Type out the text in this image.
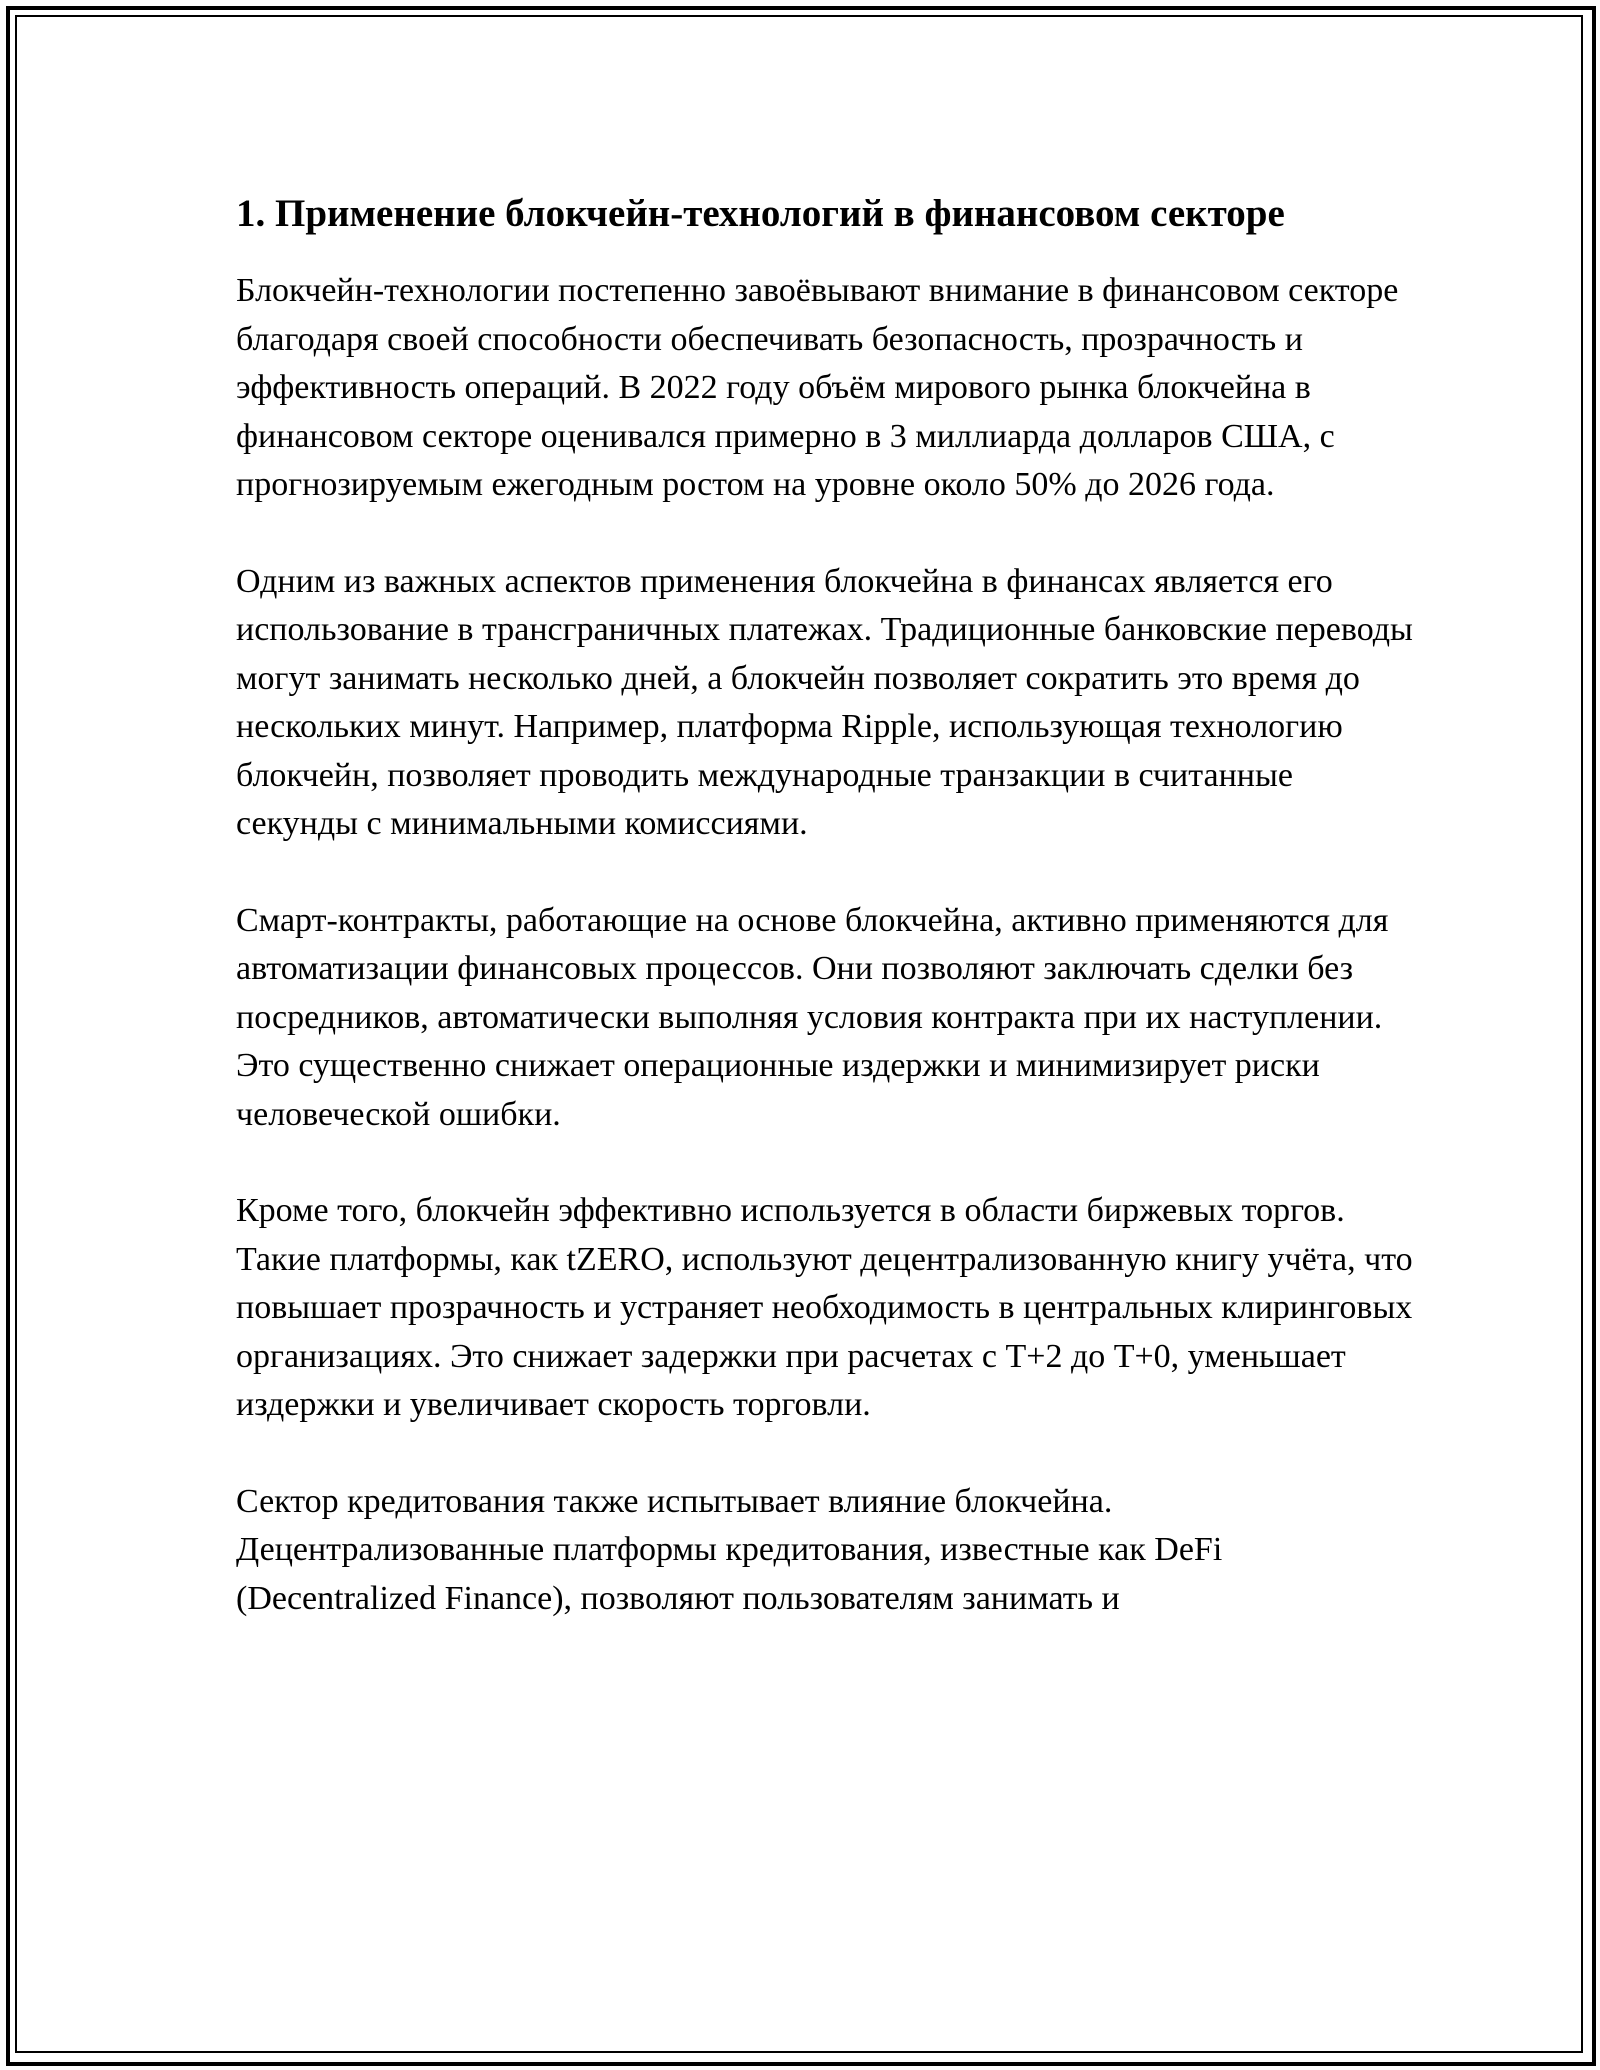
1. Применение блокчейн-технологий в финансовом секторе

Блокчейн-технологии постепенно завоёвывают внимание в финансовом секторе благодаря своей способности обеспечивать безопасность, прозрачность и эффективность операций. В 2022 году объём мирового рынка блокчейна в финансовом секторе оценивался примерно в 3 миллиарда долларов США, с прогнозируемым ежегодным ростом на уровне около 50% до 2026 года.

Одним из важных аспектов применения блокчейна в финансах является его использование в трансграничных платежах. Традиционные банковские переводы могут занимать несколько дней, а блокчейн позволяет сократить это время до нескольких минут. Например, платформа Ripple, использующая технологию блокчейн, позволяет проводить международные транзакции в считанные секунды с минимальными комиссиями.

Смарт-контракты, работающие на основе блокчейна, активно применяются для автоматизации финансовых процессов. Они позволяют заключать сделки без посредников, автоматически выполняя условия контракта при их наступлении. Это существенно снижает операционные издержки и минимизирует риски человеческой ошибки.

Кроме того, блокчейн эффективно используется в области биржевых торгов. Такие платформы, как tZERO, используют децентрализованную книгу учёта, что повышает прозрачность и устраняет необходимость в центральных клиринговых организациях. Это снижает задержки при расчетах с T+2 до T+0, уменьшает издержки и увеличивает скорость торговли.

Сектор кредитования также испытывает влияние блокчейна. Децентрализованные платформы кредитования, известные как DeFi (Decentralized Finance), позволяют пользователям занимать и
